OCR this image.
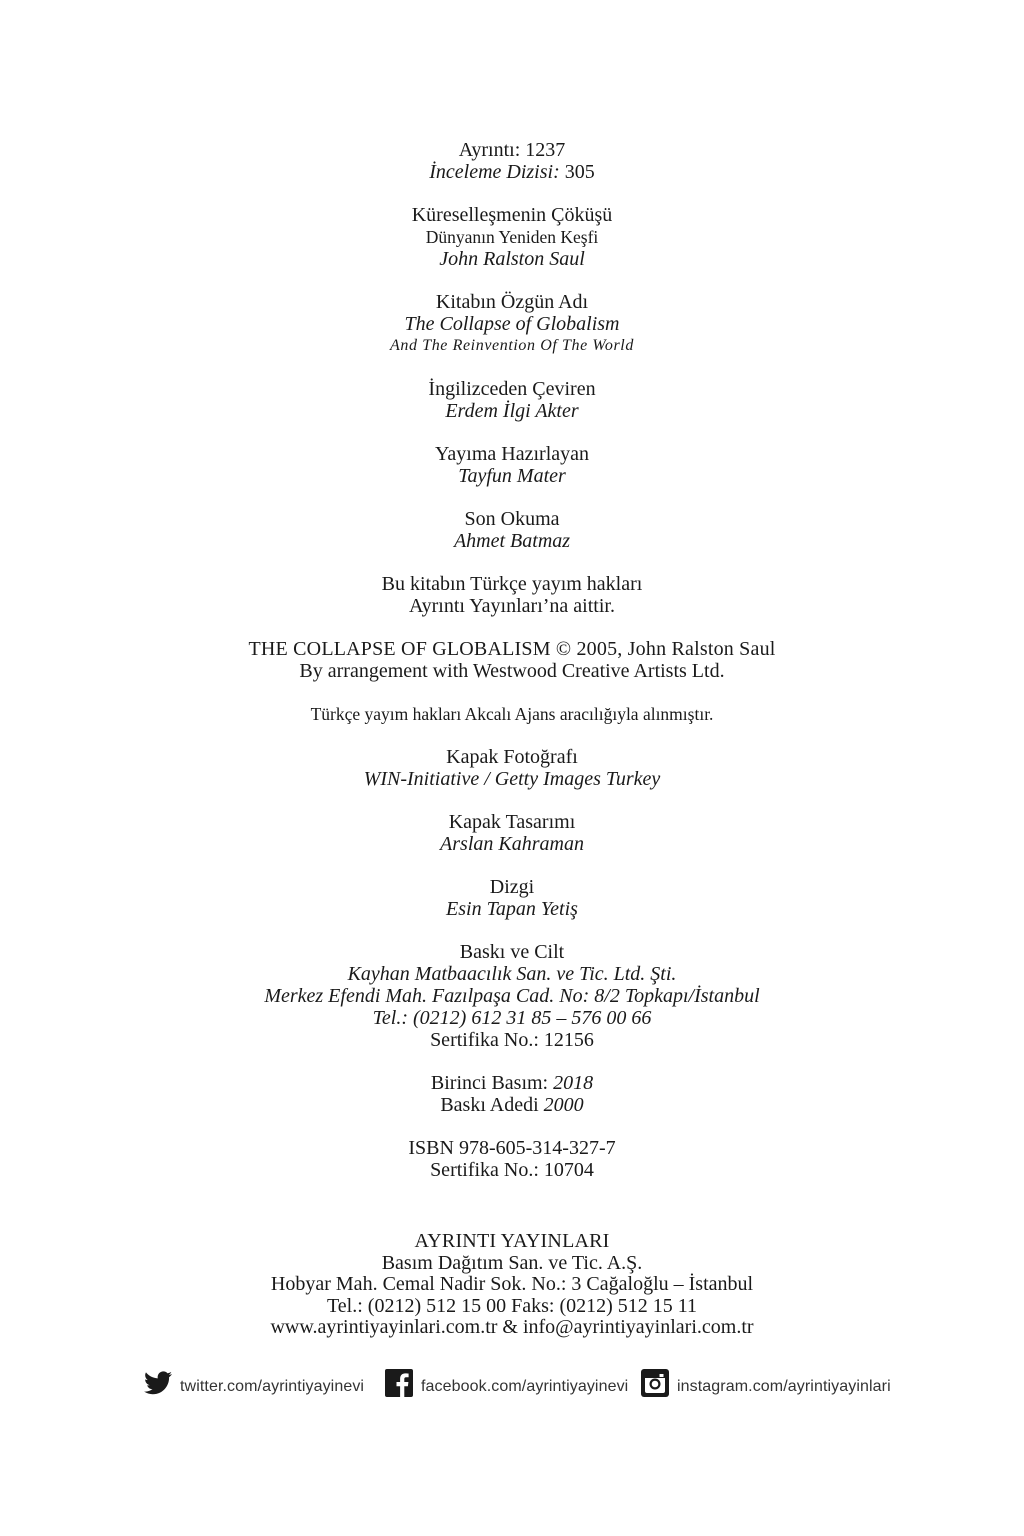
Ayrıntı: 1237
İnceleme Dizisi: 305
Küreselleşmenin Çöküşü
Dünyanın Yeniden Keşfi
John Ralston Saul
Kitabın Özgün Adı
The Collapse of Globalism
And The Reinvention Of The World
İngilizceden Çeviren
Erdem İlgi Akter
Yayıma Hazırlayan
Tayfun Mater
Son Okuma
Ahmet Batmaz
Bu kitabın Türkçe yayım hakları
Ayrıntı Yayınları’na aittir.
THE COLLAPSE OF GLOBALISM © 2005, John Ralston Saul
By arrangement with Westwood Creative Artists Ltd.
Türkçe yayım hakları Akcalı Ajans aracılığıyla alınmıştır.
Kapak Fotoğrafı
WIN-Initiative / Getty Images Turkey
Kapak Tasarımı
Arslan Kahraman
Dizgi
Esin Tapan Yetiş
Baskı ve Cilt
Kayhan Matbaacılık San. ve Tic. Ltd. Şti.
Merkez Efendi Mah. Fazılpaşa Cad. No: 8/2 Topkapı/İstanbul
Tel.: (0212) 612 31 85 – 576 00 66
Sertifika No.: 12156
Birinci Basım: 2018
Baskı Adedi 2000
ISBN 978-605-314-327-7
Sertifika No.: 10704
AYRINTI YAYINLARI
Basım Dağıtım San. ve Tic. A.Ş.
Hobyar Mah. Cemal Nadir Sok. No.: 3 Cağaloğlu – İstanbul
Tel.: (0212) 512 15 00 Faks: (0212) 512 15 11
www.ayrintiyayinlari.com.tr & info@ayrintiyayinlari.com.tr
twitter.com/ayrintiyayinevi	facebook.com/ayrintiyayinevi	instagram.com/ayrintiyayinlari
